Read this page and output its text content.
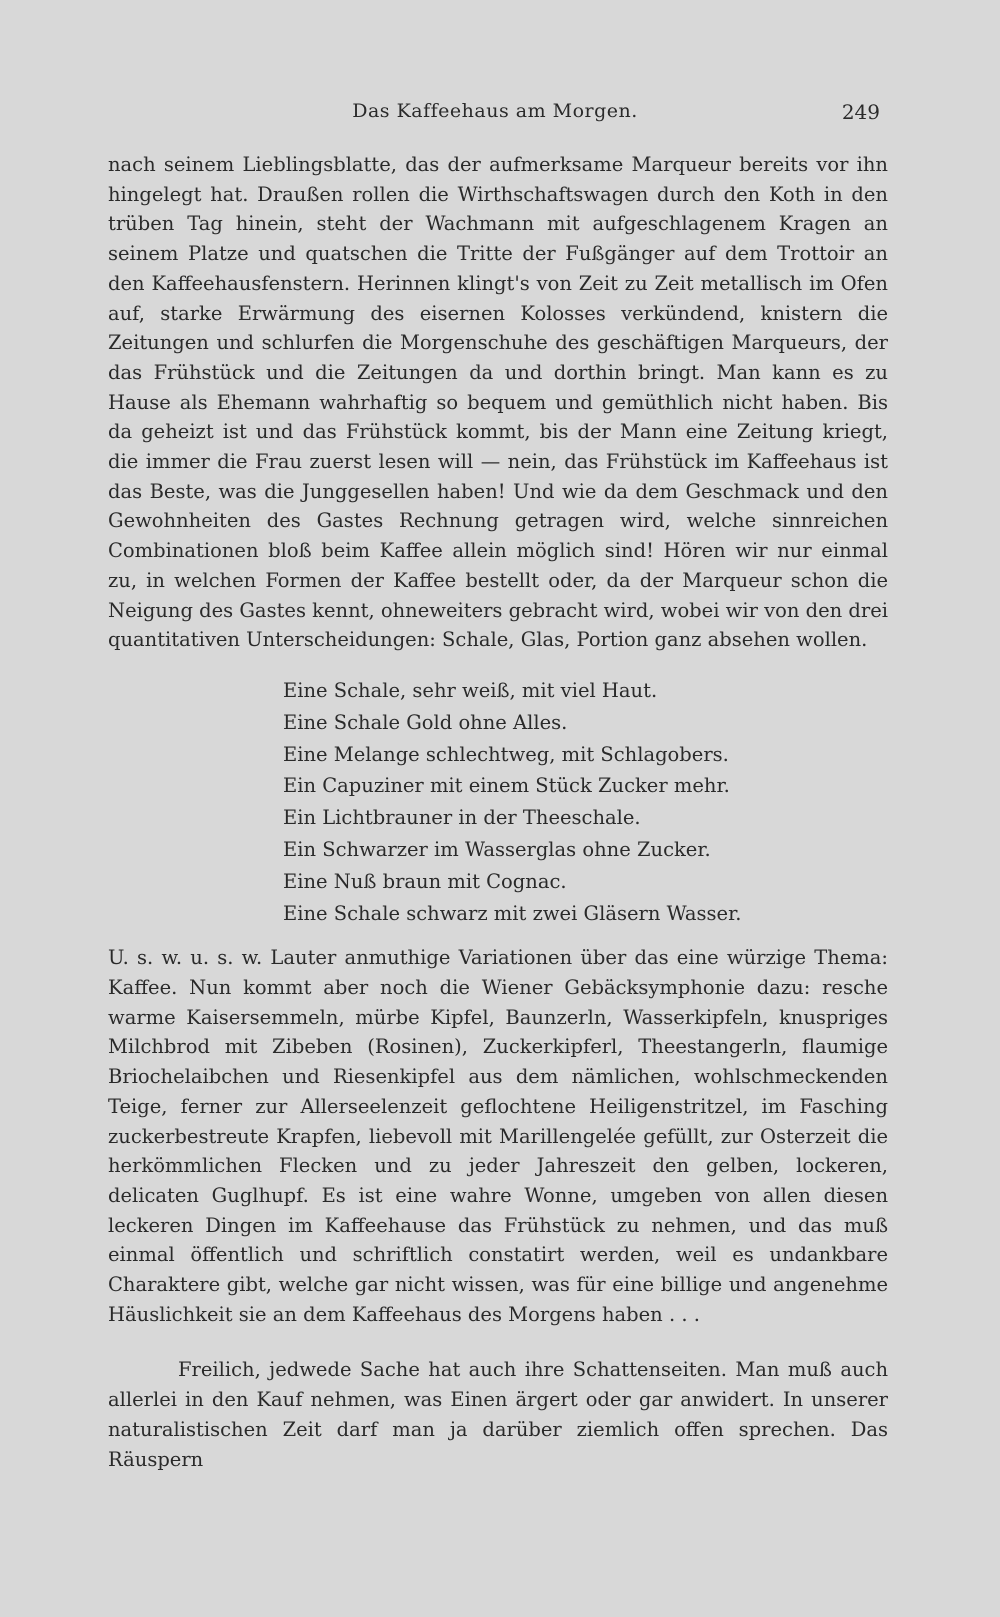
Das Kaffeehaus am Morgen.	249

nach seinem Lieblingsblatte, das der aufmerksame Marqueur bereits vor ihn hingelegt hat. Draußen rollen die Wirthschaftswagen durch den Koth in den trüben Tag hinein, steht der Wachmann mit aufgeschlagenem Kragen an seinem Platze und quatschen die Tritte der Fußgänger auf dem Trottoir an den Kaffeehausfenstern. Herinnen klingt's von Zeit zu Zeit metallisch im Ofen auf, starke Erwärmung des eisernen Kolosses verkündend, knistern die Zeitungen und schlurfen die Morgenschuhe des geschäftigen Marqueurs, der das Frühstück und die Zeitungen da und dorthin bringt. Man kann es zu Hause als Ehemann wahrhaftig so bequem und gemüthlich nicht haben. Bis da geheizt ist und das Frühstück kommt, bis der Mann eine Zeitung kriegt, die immer die Frau zuerst lesen will — nein, das Frühstück im Kaffeehaus ist das Beste, was die Junggesellen haben! Und wie da dem Geschmack und den Gewohnheiten des Gastes Rechnung getragen wird, welche sinnreichen Combinationen bloß beim Kaffee allein möglich sind! Hören wir nur einmal zu, in welchen Formen der Kaffee bestellt oder, da der Marqueur schon die Neigung des Gastes kennt, ohneweiters gebracht wird, wobei wir von den drei quantitativen Unterscheidungen: Schale, Glas, Portion ganz absehen wollen.

Eine Schale, sehr weiß, mit viel Haut.
Eine Schale Gold ohne Alles.
Eine Melange schlechtweg, mit Schlagobers.
Ein Capuziner mit einem Stück Zucker mehr.
Ein Lichtbrauner in der Theeschale.
Ein Schwarzer im Wasserglas ohne Zucker.
Eine Nuß braun mit Cognac.
Eine Schale schwarz mit zwei Gläsern Wasser.

U. s. w. u. s. w. Lauter anmuthige Variationen über das eine würzige Thema: Kaffee. Nun kommt aber noch die Wiener Gebäcksymphonie dazu: resche warme Kaisersemmeln, mürbe Kipfel, Baunzerln, Wasserkipfeln, knuspriges Milchbrod mit Zibeben (Rosinen), Zuckerkipferl, Theestangerln, flaumige Briochelaibchen und Riesenkipfel aus dem nämlichen, wohlschmeckenden Teige, ferner zur Allerseelenzeit geflochtene Heiligenstritzel, im Fasching zuckerbestreute Krapfen, liebevoll mit Marillengelée gefüllt, zur Osterzeit die herkömmlichen Flecken und zu jeder Jahreszeit den gelben, lockeren, delicaten Guglhupf. Es ist eine wahre Wonne, umgeben von allen diesen leckeren Dingen im Kaffeehause das Frühstück zu nehmen, und das muß einmal öffentlich und schriftlich constatirt werden, weil es undankbare Charaktere gibt, welche gar nicht wissen, was für eine billige und angenehme Häuslichkeit sie an dem Kaffeehaus des Morgens haben . . .

Freilich, jedwede Sache hat auch ihre Schattenseiten. Man muß auch allerlei in den Kauf nehmen, was Einen ärgert oder gar anwidert. In unserer naturalistischen Zeit darf man ja darüber ziemlich offen sprechen. Das Räuspern
